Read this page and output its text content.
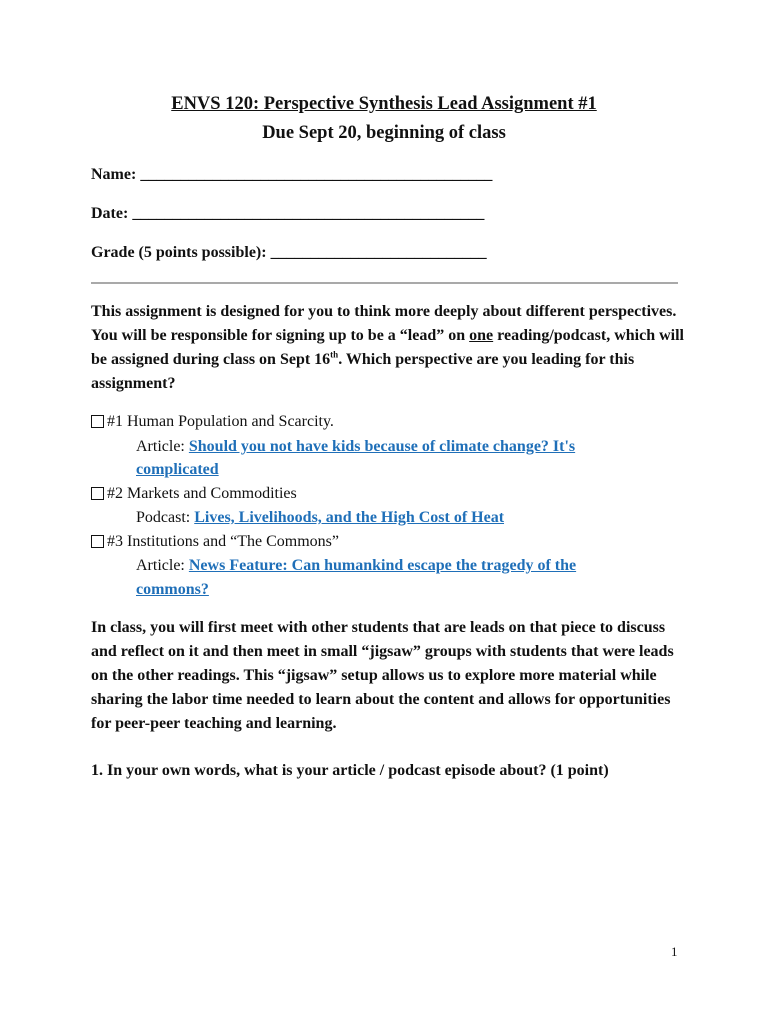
ENVS 120: Perspective Synthesis Lead Assignment #1
Due Sept 20, beginning of class
Name: ____________________________________________
Date: ____________________________________________
Grade (5 points possible): ___________________________
This assignment is designed for you to think more deeply about different perspectives. You will be responsible for signing up to be a “lead” on one reading/podcast, which will be assigned during class on Sept 16th. Which perspective are you leading for this assignment?
#1 Human Population and Scarcity.
Article: Should you not have kids because of climate change? It's
complicated
#2 Markets and Commodities
Podcast: Lives, Livelihoods, and the High Cost of Heat
#3 Institutions and “The Commons”
Article: News Feature: Can humankind escape the tragedy of the
commons?
In class, you will first meet with other students that are leads on that piece to discuss and reflect on it and then meet in small “jigsaw” groups with students that were leads on the other readings. This “jigsaw” setup allows us to explore more material while sharing the labor time needed to learn about the content and allows for opportunities for peer-peer teaching and learning.
1. In your own words, what is your article / podcast episode about? (1 point)
1
